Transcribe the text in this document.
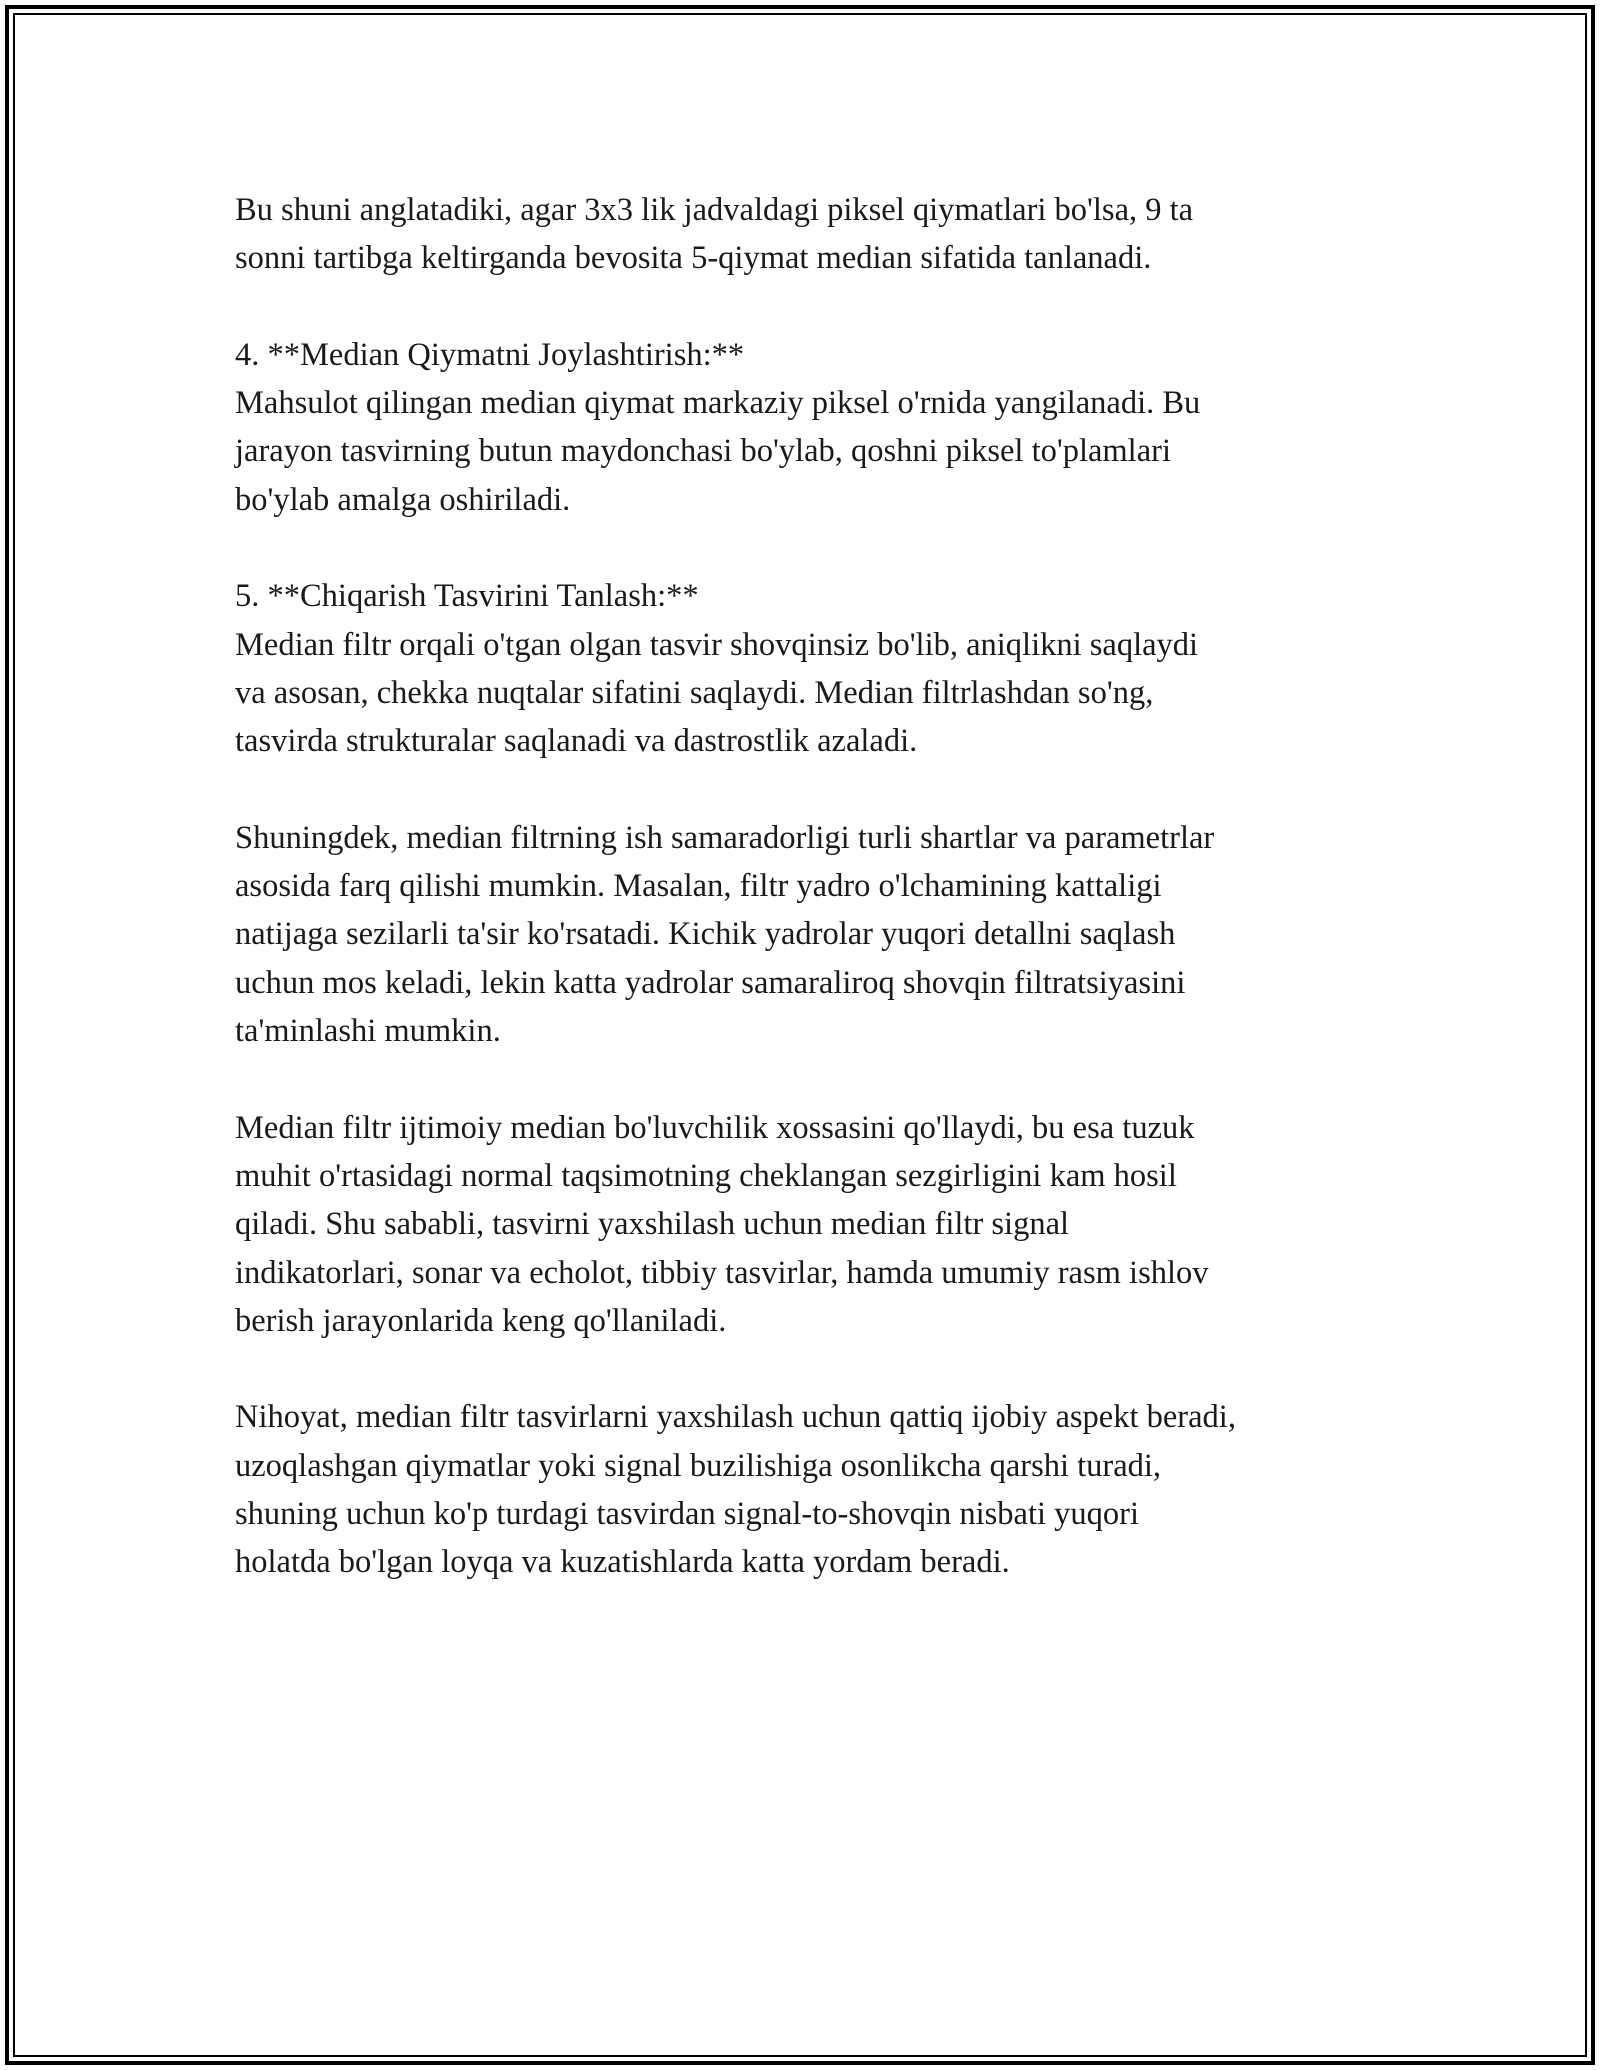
Bu shuni anglatadiki, agar 3x3 lik jadvaldagi piksel qiymatlari bo'lsa, 9 ta
sonni tartibga keltirganda bevosita 5-qiymat median sifatida tanlanadi.

4. **Median Qiymatni Joylashtirish:**
Mahsulot qilingan median qiymat markaziy piksel o'rnida yangilanadi. Bu
jarayon tasvirning butun maydonchasi bo'ylab, qoshni piksel to'plamlari
bo'ylab amalga oshiriladi.

5. **Chiqarish Tasvirini Tanlash:**
Median filtr orqali o'tgan olgan tasvir shovqinsiz bo'lib, aniqlikni saqlaydi
va asosan, chekka nuqtalar sifatini saqlaydi. Median filtrlashdan so'ng,
tasvirda strukturalar saqlanadi va dastrostlik azaladi.

Shuningdek, median filtrning ish samaradorligi turli shartlar va parametrlar
asosida farq qilishi mumkin. Masalan, filtr yadro o'lchamining kattaligi
natijaga sezilarli ta'sir ko'rsatadi. Kichik yadrolar yuqori detallni saqlash
uchun mos keladi, lekin katta yadrolar samaraliroq shovqin filtratsiyasini
ta'minlashi mumkin.

Median filtr ijtimoiy median bo'luvchilik xossasini qo'llaydi, bu esa tuzuk
muhit o'rtasidagi normal taqsimotning cheklangan sezgirligini kam hosil
qiladi. Shu sababli, tasvirni yaxshilash uchun median filtr signal
indikatorlari, sonar va echolot, tibbiy tasvirlar, hamda umumiy rasm ishlov
berish jarayonlarida keng qo'llaniladi.

Nihoyat, median filtr tasvirlarni yaxshilash uchun qattiq ijobiy aspekt beradi,
uzoqlashgan qiymatlar yoki signal buzilishiga osonlikcha qarshi turadi,
shuning uchun ko'p turdagi tasvirdan signal-to-shovqin nisbati yuqori
holatda bo'lgan loyqa va kuzatishlarda katta yordam beradi.
